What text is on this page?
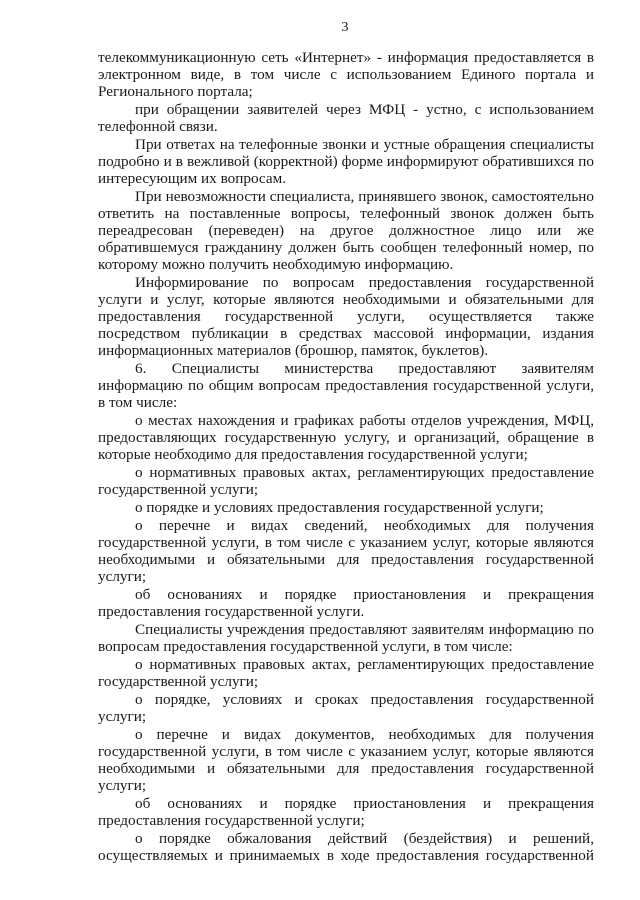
3

телекоммуникационную сеть «Интернет» - информация предоставляется в электронном виде, в том числе с использованием Единого портала и Регионального портала;

при обращении заявителей через МФЦ - устно, с использованием телефонной связи.

При ответах на телефонные звонки и устные обращения специалисты подробно и в вежливой (корректной) форме информируют обратившихся по интересующим их вопросам.

При невозможности специалиста, принявшего звонок, самостоятельно ответить на поставленные вопросы, телефонный звонок должен быть переадресован (переведен) на другое должностное лицо или же обратившемуся гражданину должен быть сообщен телефонный номер, по которому можно получить необходимую информацию.

Информирование по вопросам предоставления государственной услуги и услуг, которые являются необходимыми и обязательными для предоставления государственной услуги, осуществляется также посредством публикации в средствах массовой информации, издания информационных материалов (брошюр, памяток, буклетов).

6. Специалисты министерства предоставляют заявителям информацию по общим вопросам предоставления государственной услуги, в том числе:

о местах нахождения и графиках работы отделов учреждения, МФЦ, предоставляющих государственную услугу, и организаций, обращение в которые необходимо для предоставления государственной услуги;

о нормативных правовых актах, регламентирующих предоставление государственной услуги;

о порядке и условиях предоставления государственной услуги;

о перечне и видах сведений, необходимых для получения государственной услуги, в том числе с указанием услуг, которые являются необходимыми и обязательными для предоставления государственной услуги;

об основаниях и порядке приостановления и прекращения предоставления государственной услуги.

Специалисты учреждения предоставляют заявителям информацию по вопросам предоставления государственной услуги, в том числе:

о нормативных правовых актах, регламентирующих предоставление государственной услуги;

о порядке, условиях и сроках предоставления государственной услуги;

о перечне и видах документов, необходимых для получения государственной услуги, в том числе с указанием услуг, которые являются необходимыми и обязательными для предоставления государственной услуги;

об основаниях и порядке приостановления и прекращения предоставления государственной услуги;

о порядке обжалования действий (бездействия) и решений, осуществляемых и принимаемых в ходе предоставления государственной
